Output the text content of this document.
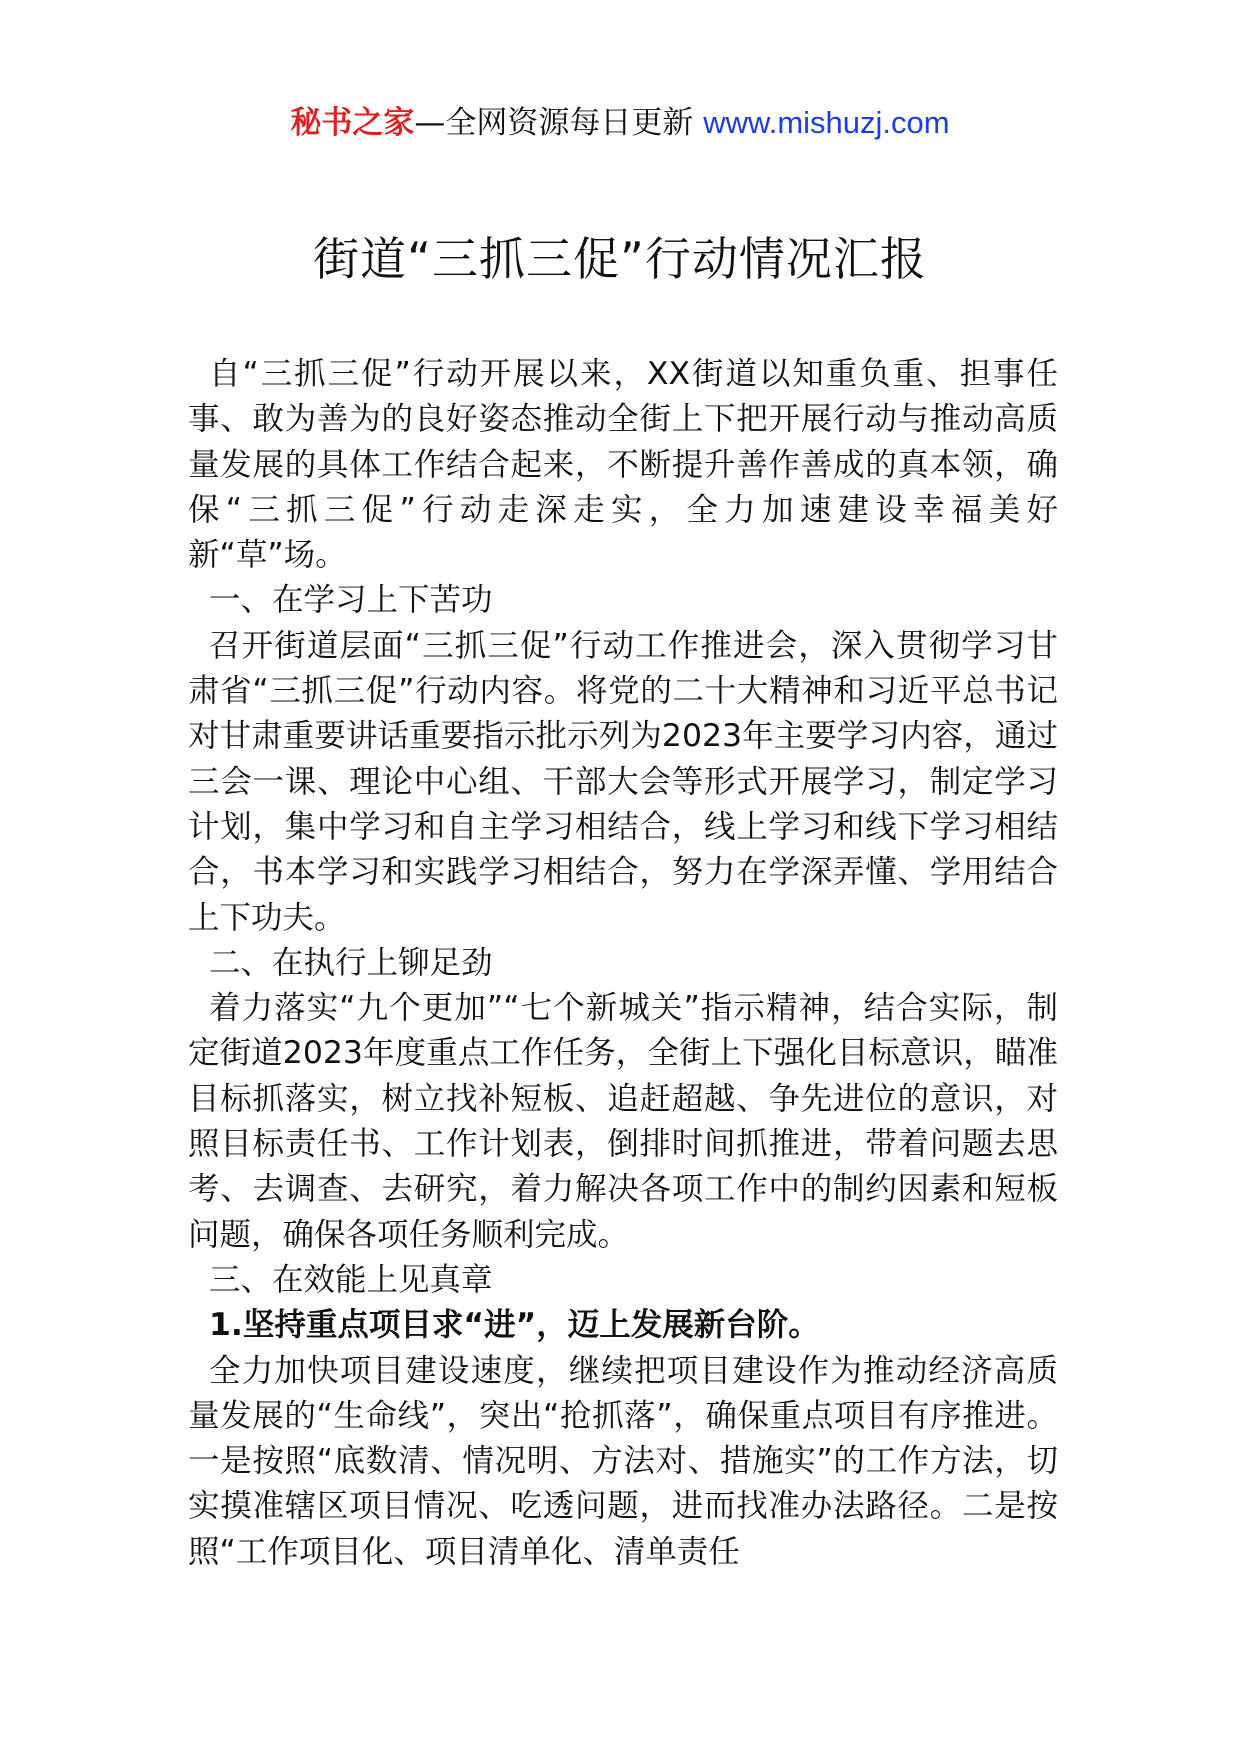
秘书之家—全网资源每日更新 www.mishuzj.com
街道“三抓三促”行动情况汇报

自“三抓三促”行动开展以来，XX街道以知重负重、担事任事、敢为善为的良好姿态推动全街上下把开展行动与推动高质量发展的具体工作结合起来，不断提升善作善成的真本领，确保“三抓三促”行动走深走实，全力加速建设幸福美好新“草”场。

一、在学习上下苦功

召开街道层面“三抓三促”行动工作推进会，深入贯彻学习甘肃省“三抓三促”行动内容。将党的二十大精神和习近平总书记对甘肃重要讲话重要指示批示列为2023年主要学习内容，通过三会一课、理论中心组、干部大会等形式开展学习，制定学习计划，集中学习和自主学习相结合，线上学习和线下学习相结合，书本学习和实践学习相结合，努力在学深弄懂、学用结合上下功夫。

二、在执行上铆足劲

着力落实“九个更加”“七个新城关”指示精神，结合实际，制定街道2023年度重点工作任务，全街上下强化目标意识，瞄准目标抓落实，树立找补短板、追赶超越、争先进位的意识，对照目标责任书、工作计划表，倒排时间抓推进，带着问题去思考、去调查、去研究，着力解决各项工作中的制约因素和短板问题，确保各项任务顺利完成。

三、在效能上见真章

1.坚持重点项目求“进”，迈上发展新台阶。

全力加快项目建设速度，继续把项目建设作为推动经济高质量发展的“生命线”，突出“抢抓落”，确保重点项目有序推进。一是按照“底数清、情况明、方法对、措施实”的工作方法，切实摸准辖区项目情况、吃透问题，进而找准办法路径。二是按照“工作项目化、项目清单化、清单责任
